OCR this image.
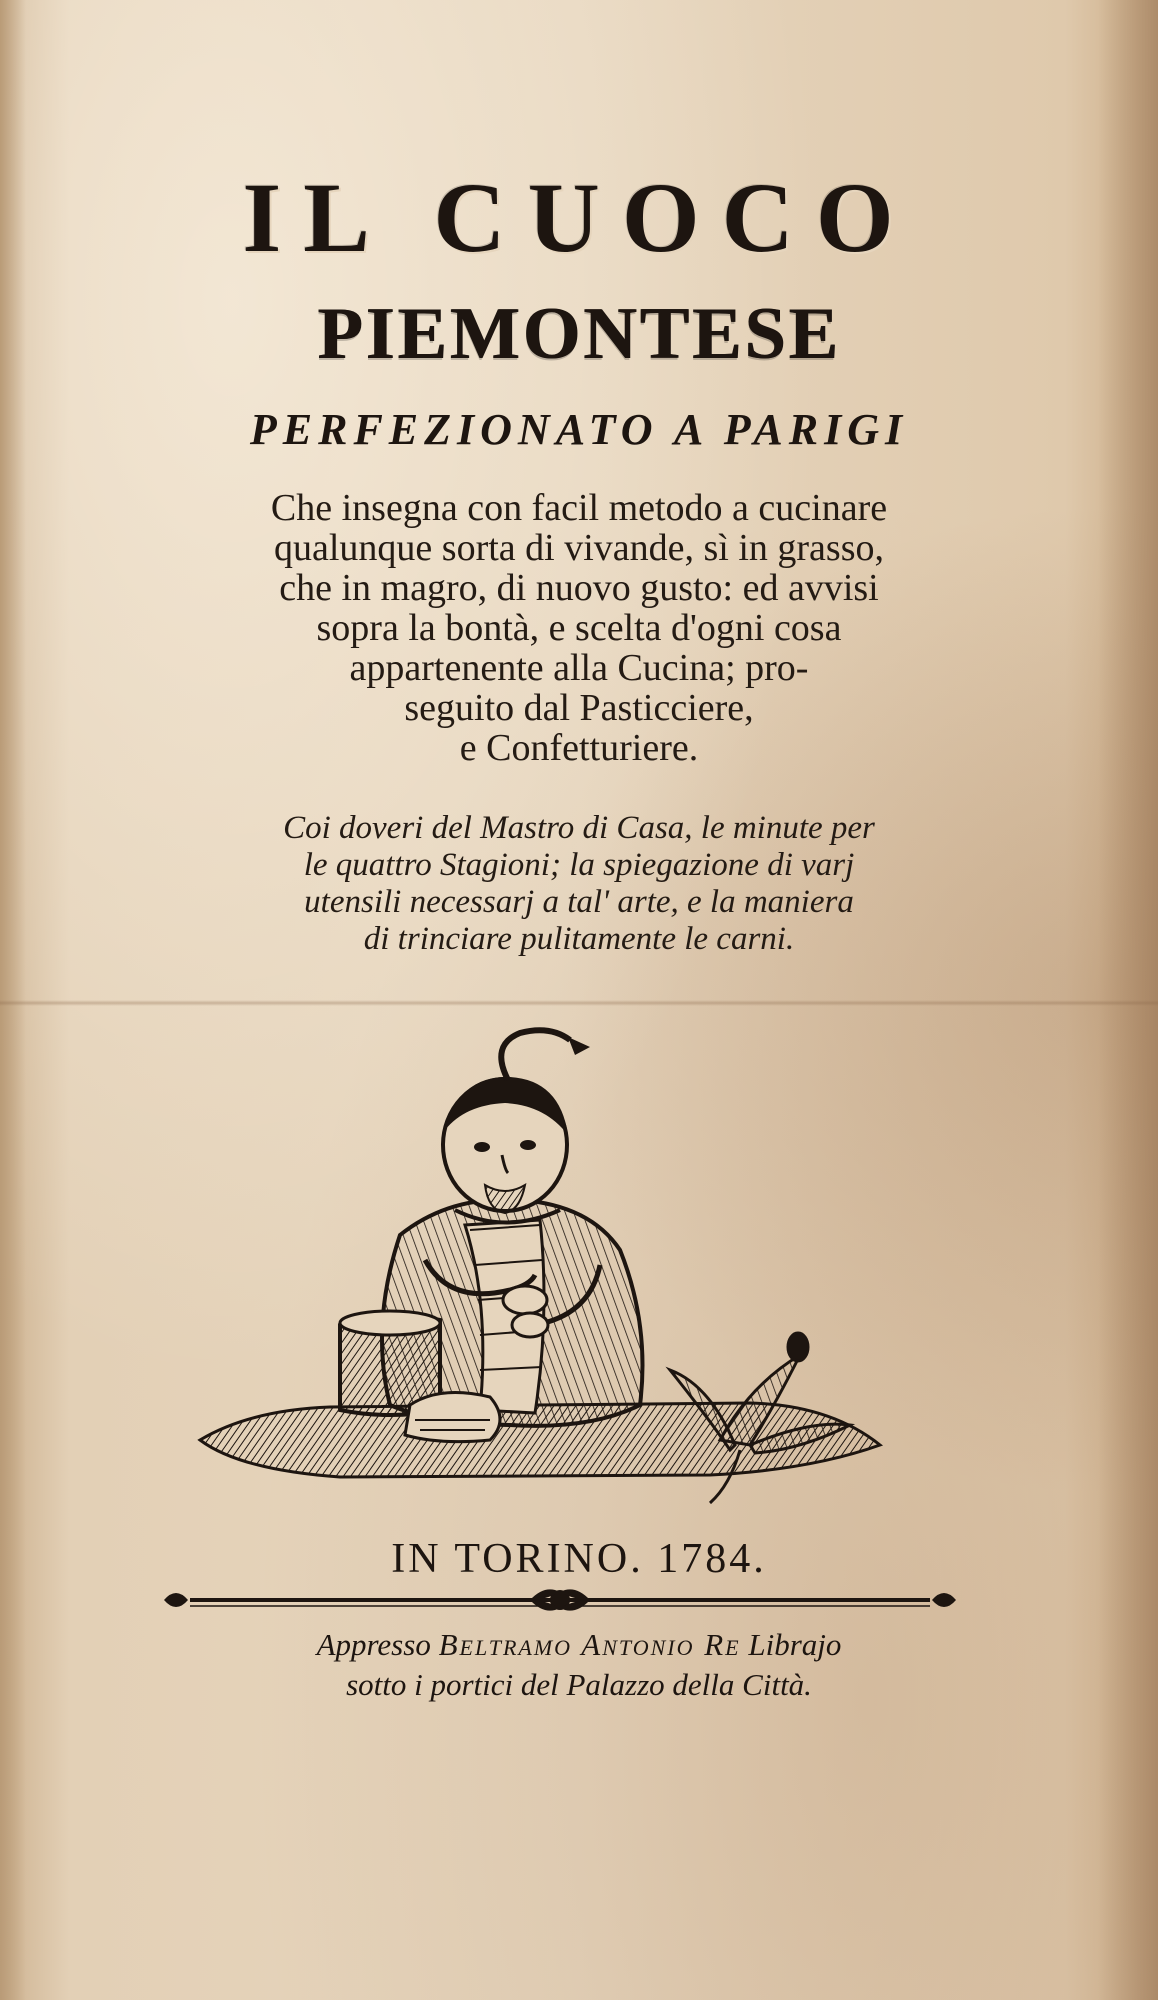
IL CUOCO
PIEMONTESE
PERFEZIONATO A PARIGI
Che insegna con facil metodo a cucinare
qualunque sorta di vivande, sì in grasso,
che in magro, di nuovo gusto: ed avvisi
sopra la bontà, e scelta d'ogni cosa
appartenente alla Cucina; pro-
seguito dal Pasticciere,
e Confetturiere.
Coi doveri del Mastro di Casa, le minute per
le quattro Stagioni; la spiegazione di varj
utensili necessarj a tal' arte, e la maniera
di trinciare pulitamente le carni.
IN TORINO. 1784.
Appresso Beltramo Antonio Re Librajo
sotto i portici del Palazzo della Città.
